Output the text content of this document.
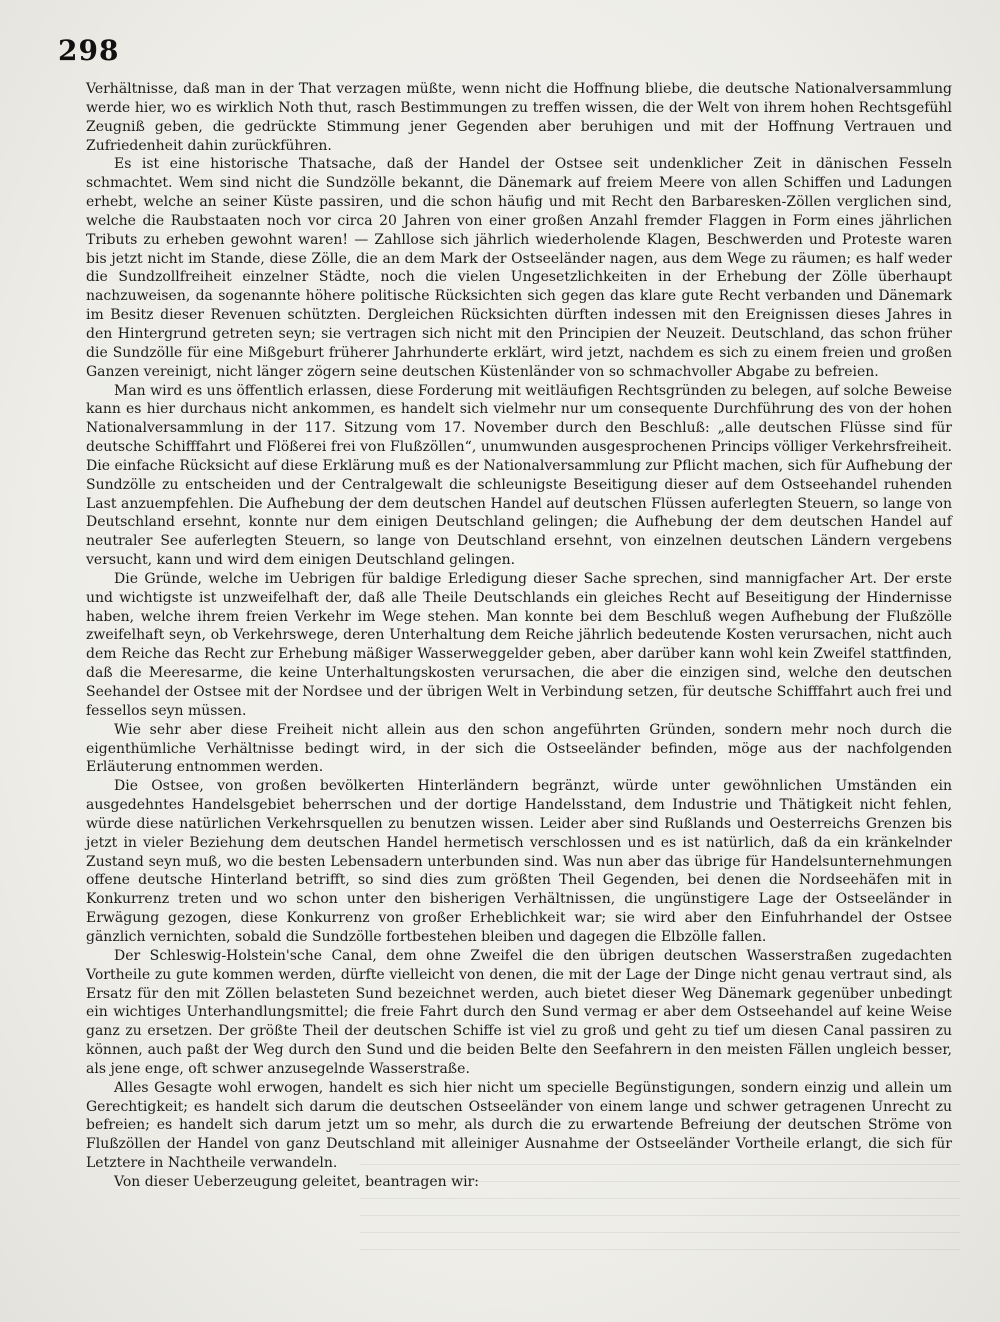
298

Verhältnisse, daß man in der That verzagen müßte, wenn nicht die Hoffnung bliebe, die deutsche Nationalversammlung werde hier, wo es wirklich Noth thut, rasch Bestimmungen zu treffen wissen, die der Welt von ihrem hohen Rechtsgefühl Zeugniß geben, die gedrückte Stimmung jener Gegenden aber beruhigen und mit der Hoffnung Vertrauen und Zufriedenheit dahin zurückführen.

Es ist eine historische Thatsache, daß der Handel der Ostsee seit undenklicher Zeit in dänischen Fesseln schmachtet. Wem sind nicht die Sundzölle bekannt, die Dänemark auf freiem Meere von allen Schiffen und Ladungen erhebt, welche an seiner Küste passiren, und die schon häufig und mit Recht den Barbaresken-Zöllen verglichen sind, welche die Raubstaaten noch vor circa 20 Jahren von einer großen Anzahl fremder Flaggen in Form eines jährlichen Tributs zu erheben gewohnt waren! — Zahllose sich jährlich wiederholende Klagen, Beschwerden und Proteste waren bis jetzt nicht im Stande, diese Zölle, die an dem Mark der Ostseeländer nagen, aus dem Wege zu räumen; es half weder die Sundzollfreiheit einzelner Städte, noch die vielen Ungesetzlichkeiten in der Erhebung der Zölle überhaupt nachzuweisen, da sogenannte höhere politische Rücksichten sich gegen das klare gute Recht verbanden und Dänemark im Besitz dieser Revenuen schützten. Dergleichen Rücksichten dürften indessen mit den Ereignissen dieses Jahres in den Hintergrund getreten seyn; sie vertragen sich nicht mit den Principien der Neuzeit. Deutschland, das schon früher die Sundzölle für eine Mißgeburt früherer Jahrhunderte erklärt, wird jetzt, nachdem es sich zu einem freien und großen Ganzen vereinigt, nicht länger zögern seine deutschen Küstenländer von so schmachvoller Abgabe zu befreien.

Man wird es uns öffentlich erlassen, diese Forderung mit weitläufigen Rechtsgründen zu belegen, auf solche Beweise kann es hier durchaus nicht ankommen, es handelt sich vielmehr nur um consequente Durchführung des von der hohen Nationalversammlung in der 117. Sitzung vom 17. November durch den Beschluß: „alle deutschen Flüsse sind für deutsche Schifffahrt und Flößerei frei von Flußzöllen“, unumwunden ausgesprochenen Princips völliger Verkehrsfreiheit. Die einfache Rücksicht auf diese Erklärung muß es der Nationalversammlung zur Pflicht machen, sich für Aufhebung der Sundzölle zu entscheiden und der Centralgewalt die schleunigste Beseitigung dieser auf dem Ostseehandel ruhenden Last anzuempfehlen. Die Aufhebung der dem deutschen Handel auf deutschen Flüssen auferlegten Steuern, so lange von Deutschland ersehnt, konnte nur dem einigen Deutschland gelingen; die Aufhebung der dem deutschen Handel auf neutraler See auferlegten Steuern, so lange von Deutschland ersehnt, von einzelnen deutschen Ländern vergebens versucht, kann und wird dem einigen Deutschland gelingen.

Die Gründe, welche im Uebrigen für baldige Erledigung dieser Sache sprechen, sind mannigfacher Art. Der erste und wichtigste ist unzweifelhaft der, daß alle Theile Deutschlands ein gleiches Recht auf Beseitigung der Hindernisse haben, welche ihrem freien Verkehr im Wege stehen. Man konnte bei dem Beschluß wegen Aufhebung der Flußzölle zweifelhaft seyn, ob Verkehrswege, deren Unterhaltung dem Reiche jährlich bedeutende Kosten verursachen, nicht auch dem Reiche das Recht zur Erhebung mäßiger Wasserweggelder geben, aber darüber kann wohl kein Zweifel stattfinden, daß die Meeresarme, die keine Unterhaltungskosten verursachen, die aber die einzigen sind, welche den deutschen Seehandel der Ostsee mit der Nordsee und der übrigen Welt in Verbindung setzen, für deutsche Schifffahrt auch frei und fessellos seyn müssen.

Wie sehr aber diese Freiheit nicht allein aus den schon angeführten Gründen, sondern mehr noch durch die eigenthümliche Verhältnisse bedingt wird, in der sich die Ostseeländer befinden, möge aus der nachfolgenden Erläuterung entnommen werden.

Die Ostsee, von großen bevölkerten Hinterländern begränzt, würde unter gewöhnlichen Umständen ein ausgedehntes Handelsgebiet beherrschen und der dortige Handelsstand, dem Industrie und Thätigkeit nicht fehlen, würde diese natürlichen Verkehrsquellen zu benutzen wissen. Leider aber sind Rußlands und Oesterreichs Grenzen bis jetzt in vieler Beziehung dem deutschen Handel hermetisch verschlossen und es ist natürlich, daß da ein kränkelnder Zustand seyn muß, wo die besten Lebensadern unterbunden sind. Was nun aber das übrige für Handelsunternehmungen offene deutsche Hinterland betrifft, so sind dies zum größten Theil Gegenden, bei denen die Nordseehäfen mit in Konkurrenz treten und wo schon unter den bisherigen Verhältnissen, die ungünstigere Lage der Ostseeländer in Erwägung gezogen, diese Konkurrenz von großer Erheblichkeit war; sie wird aber den Einfuhrhandel der Ostsee gänzlich vernichten, sobald die Sundzölle fortbestehen bleiben und dagegen die Elbzölle fallen.

Der Schleswig-Holstein'sche Canal, dem ohne Zweifel die den übrigen deutschen Wasserstraßen zugedachten Vortheile zu gute kommen werden, dürfte vielleicht von denen, die mit der Lage der Dinge nicht genau vertraut sind, als Ersatz für den mit Zöllen belasteten Sund bezeichnet werden, auch bietet dieser Weg Dänemark gegenüber unbedingt ein wichtiges Unterhandlungsmittel; die freie Fahrt durch den Sund vermag er aber dem Ostseehandel auf keine Weise ganz zu ersetzen. Der größte Theil der deutschen Schiffe ist viel zu groß und geht zu tief um diesen Canal passiren zu können, auch paßt der Weg durch den Sund und die beiden Belte den Seefahrern in den meisten Fällen ungleich besser, als jene enge, oft schwer anzusegelnde Wasserstraße.

Alles Gesagte wohl erwogen, handelt es sich hier nicht um specielle Begünstigungen, sondern einzig und allein um Gerechtigkeit; es handelt sich darum die deutschen Ostseeländer von einem lange und schwer getragenen Unrecht zu befreien; es handelt sich darum jetzt um so mehr, als durch die zu erwartende Befreiung der deutschen Ströme von Flußzöllen der Handel von ganz Deutschland mit alleiniger Ausnahme der Ostseeländer Vortheile erlangt, die sich für Letztere in Nachtheile verwandeln.

Von dieser Ueberzeugung geleitet, beantragen wir:
